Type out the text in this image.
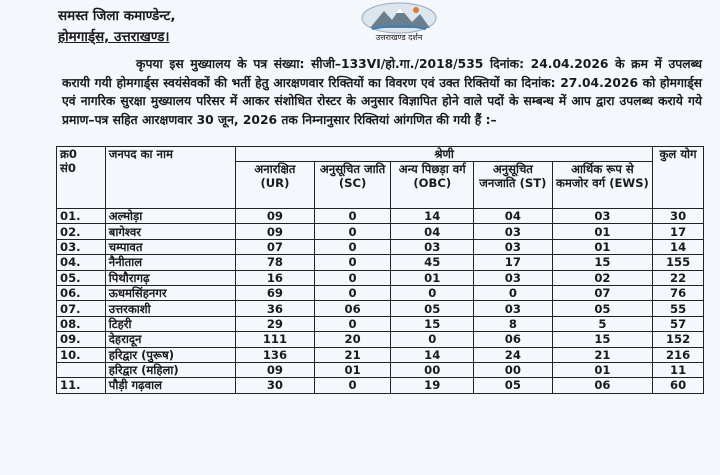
समस्त जिला कमाण्डेन्ट,
होमगार्ड्स, उत्तराखण्ड।	उत्तराखण्ड दर्शन
कृपया इस मुख्यालय के पत्र संख्या: सीजी–133VI/हो.गा./2018/535 दिनांक: 24.04.2026 के क्रम में उपलब्ध करायी गयी होमगार्ड्स स्वयंसेवकों की भर्ती हेतु आरक्षणवार रिक्तियों का विवरण एवं उक्त रिक्तियों का दिनांक: 27.04.2026 को होमगार्ड्स एवं नागरिक सुरक्षा मुख्यालय परिसर में आकर संशोधित रोस्टर के अनुसार विज्ञापित होने वाले पदों के सम्बन्ध में आप द्वारा उपलब्ध कराये गये प्रमाण–पत्र सहित आरक्षणवार 30 जून, 2026 तक निम्नानुसार रिक्तियां आंगणित की गयी हैं :–
क्र0
सं0	जनपद का नाम	श्रेणी					कुल योग
		अनारक्षित (UR)	अनुसूचित जाति (SC)	अन्य पिछड़ा वर्ग (OBC)	अनुसूचित जनजाति (ST)	आर्थिक रूप से कमजोर वर्ग (EWS)	
01.	अल्मोड़ा	09	0	14	04	03	30
02.	बागेश्वर	09	0	04	03	01	17
03.	चम्पावत	07	0	03	03	01	14
04.	नैनीताल	78	0	45	17	15	155
05.	पिथौरागढ़	16	0	01	03	02	22
06.	ऊधमसिंहनगर	69	0	0	0	07	76
07.	उत्तरकाशी	36	06	05	03	05	55
08.	टिहरी	29	0	15	8	5	57
09.	देहरादून	111	20	0	06	15	152
10.	हरिद्वार (पुरूष)	136	21	14	24	21	216
	हरिद्वार (महिला)	09	01	00	00	01	11
11.	पौड़ी गढ़वाल	30	0	19	05	06	60
